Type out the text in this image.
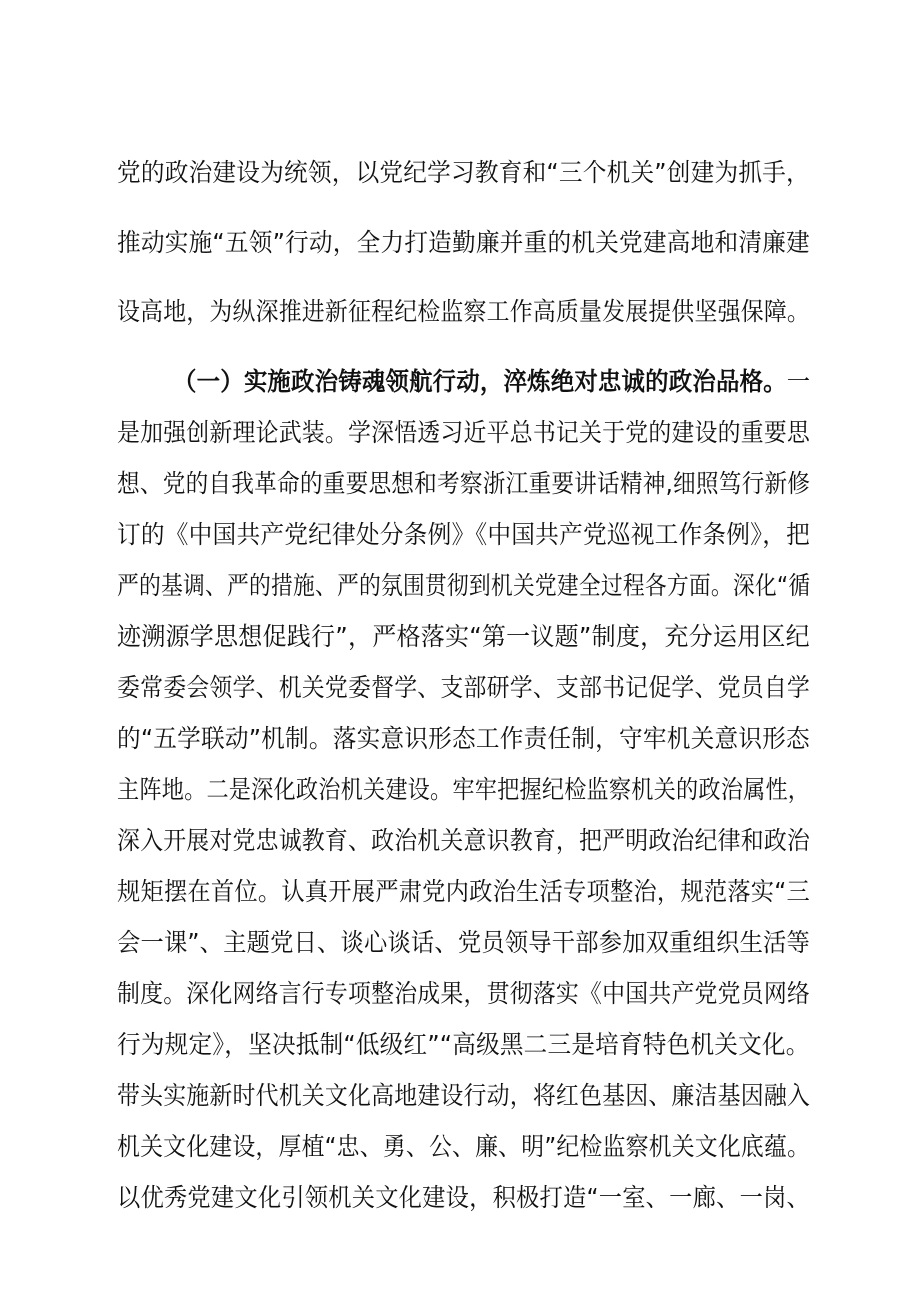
党的政治建设为统领，以党纪学习教育和“三个机关”创建为抓手，
推动实施“五领”行动，全力打造勤廉并重的机关党建高地和清廉建
设高地，为纵深推进新征程纪检监察工作高质量发展提供坚强保障。
（一）实施政治铸魂领航行动，淬炼绝对忠诚的政治品格。一
是加强创新理论武装。学深悟透习近平总书记关于党的建设的重要思
想、党的自我革命的重要思想和考察浙江重要讲话精神,细照笃行新修
订的《中国共产党纪律处分条例》《中国共产党巡视工作条例》，把
严的基调、严的措施、严的氛围贯彻到机关党建全过程各方面。深化“循
迹溯源学思想促践行”，严格落实“第一议题”制度，充分运用区纪
委常委会领学、机关党委督学、支部研学、支部书记促学、党员自学
的“五学联动”机制。落实意识形态工作责任制，守牢机关意识形态
主阵地。二是深化政治机关建设。牢牢把握纪检监察机关的政治属性，
深入开展对党忠诚教育、政治机关意识教育，把严明政治纪律和政治
规矩摆在首位。认真开展严肃党内政治生活专项整治，规范落实“三
会一课”、主题党日、谈心谈话、党员领导干部参加双重组织生活等
制度。深化网络言行专项整治成果，贯彻落实《中国共产党党员网络
行为规定》，坚决抵制“低级红”“高级黑二三是培育特色机关文化。
带头实施新时代机关文化高地建设行动，将红色基因、廉洁基因融入
机关文化建设，厚植“忠、勇、公、廉、明”纪检监察机关文化底蕴。
以优秀党建文化引领机关文化建设，积极打造“一室、一廊、一岗、
